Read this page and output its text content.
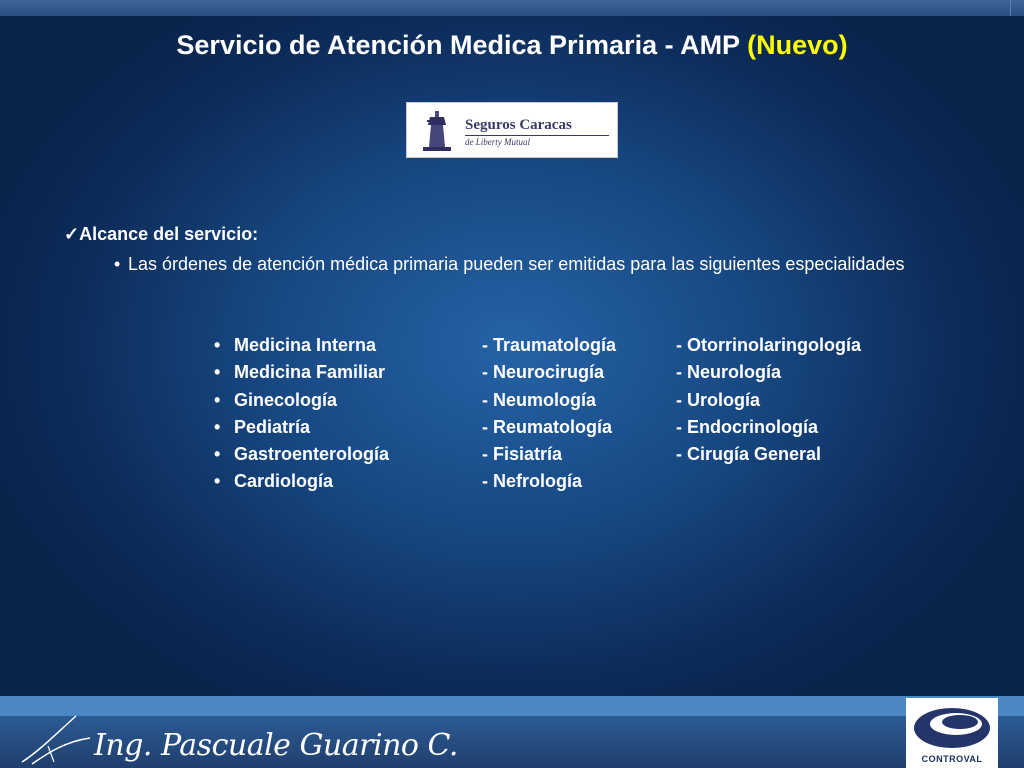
Servicio de Atención Medica Primaria - AMP (Nuevo)
Seguros Caracas
de Liberty Mutual
✓Alcance del servicio:
• Las órdenes de atención médica primaria pueden ser emitidas para las siguientes especialidades
• Medicina Interna
• Medicina Familiar
• Ginecología
• Pediatría
• Gastroenterología
• Cardiología
- Traumatología
- Neurocirugía
- Neumología
- Reumatología
- Fisiatría
- Nefrología
- Otorrinolaringología
- Neurología
- Urología
- Endocrinología
- Cirugía General
Ing. Pascuale Guarino C.	CONTROVAL
